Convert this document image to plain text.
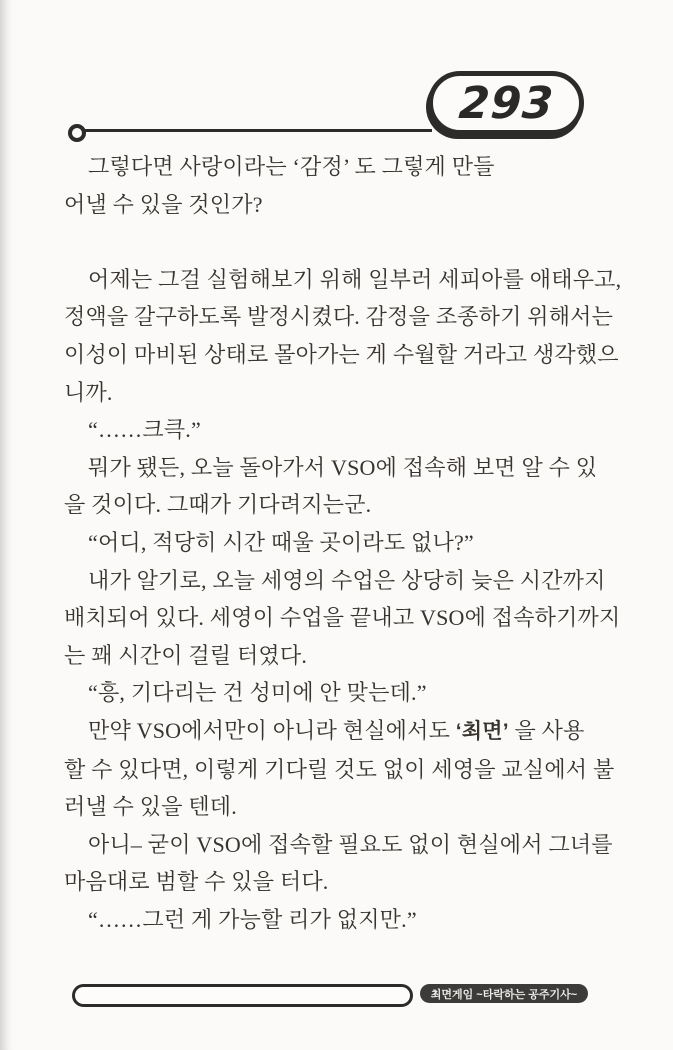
293
그렇다면 사랑이라는 ‘감정’ 도 그렇게 만들
어낼 수 있을 것인가?
어제는 그걸 실험해보기 위해 일부러 세피아를 애태우고,
정액을 갈구하도록 발정시켰다. 감정을 조종하기 위해서는
이성이 마비된 상태로 몰아가는 게 수월할 거라고 생각했으
니까.
“……크큭.”
뭐가 됐든, 오늘 돌아가서 VSO에 접속해 보면 알 수 있
을 것이다. 그때가 기다려지는군.
“어디, 적당히 시간 때울 곳이라도 없나?”
내가 알기로, 오늘 세영의 수업은 상당히 늦은 시간까지
배치되어 있다. 세영이 수업을 끝내고 VSO에 접속하기까지
는 꽤 시간이 걸릴 터였다.
“흥, 기다리는 건 성미에 안 맞는데.”
만약 VSO에서만이 아니라 현실에서도 ‘최면’ 을 사용
할 수 있다면, 이렇게 기다릴 것도 없이 세영을 교실에서 불
러낼 수 있을 텐데.
아니– 굳이 VSO에 접속할 필요도 없이 현실에서 그녀를
마음대로 범할 수 있을 터다.
“……그런 게 가능할 리가 없지만.”
최면게임 ~타락하는 공주기사~
